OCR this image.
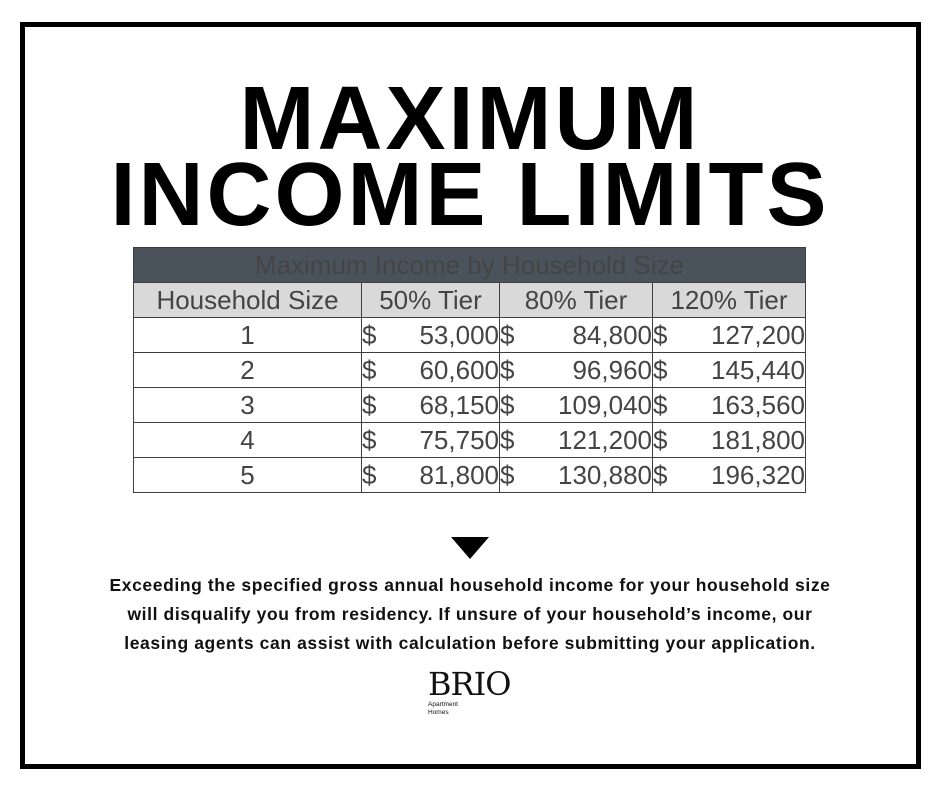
MAXIMUM
INCOME LIMITS
Maximum Income by Household Size			
Household Size	50% Tier	80% Tier	120% Tier
1	$ 53,000	$ 84,800	$ 127,200

2	$ 60,600	$ 96,960	$ 145,440

3	$ 68,150	$ 109,040	$ 163,560

4	$ 75,750	$ 121,200	$ 181,800

5	$ 81,800	$ 130,880	$ 196,320
Exceeding the specified gross annual household income for your household size
will disqualify you from residency. If unsure of your household’s income, our
leasing agents can assist with calculation before submitting your application.
BRIO
Apartment
Homes
